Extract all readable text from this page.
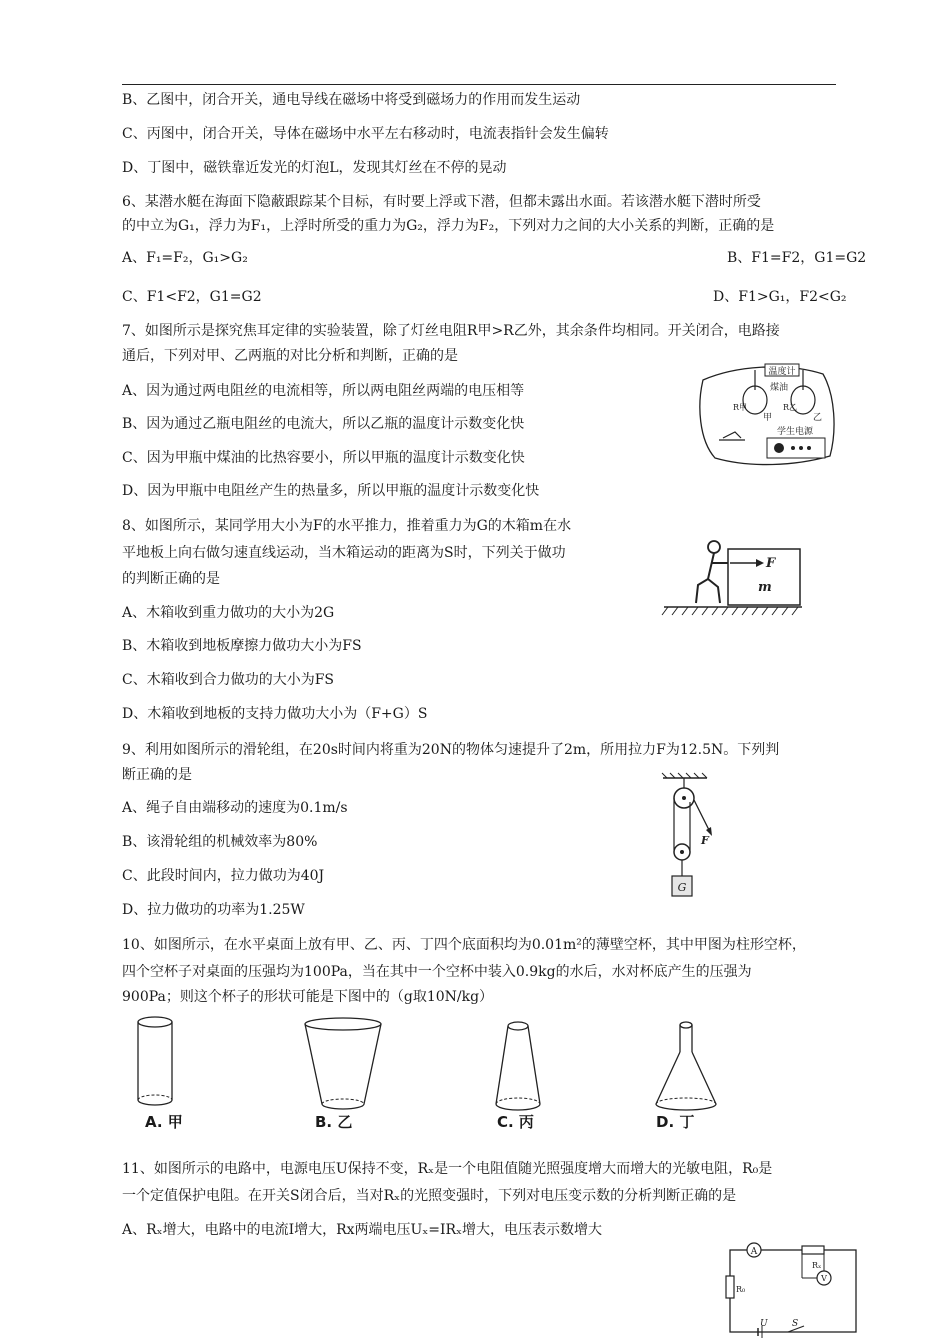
B、乙图中，闭合开关，通电导线在磁场中将受到磁场力的作用而发生运动
C、丙图中，闭合开关，导体在磁场中水平左右移动时，电流表指针会发生偏转
D、丁图中，磁铁靠近发光的灯泡L，发现其灯丝在不停的晃动
6、某潜水艇在海面下隐蔽跟踪某个目标，有时要上浮或下潜，但都未露出水面。若该潜水艇下潜时所受
的中立为G₁，浮力为F₁，上浮时所受的重力为G₂，浮力为F₂，下列对力之间的大小关系的判断，正确的是
A、F₁=F₂，G₁>G₂	B、F1=F2，G1=G2
C、F1<F2，G1=G2	D、F1>G₁，F2<G₂
7、如图所示是探究焦耳定律的实验装置，除了灯丝电阻R甲>R乙外，其余条件均相同。开关闭合，电路接
通后，下列对甲、乙两瓶的对比分析和判断，正确的是
A、因为通过两电阻丝的电流相等，所以两电阻丝两端的电压相等
B、因为通过乙瓶电阻丝的电流大，所以乙瓶的温度计示数变化快
C、因为甲瓶中煤油的比热容要小，所以甲瓶的温度计示数变化快
D、因为甲瓶中电阻丝产生的热量多，所以甲瓶的温度计示数变化快
温度计
煤油
R甲	R乙
甲	乙
学生电源
8、如图所示，某同学用大小为F的水平推力，推着重力为G的木箱m在水
平地板上向右做匀速直线运动，当木箱运动的距离为S时，下列关于做功
的判断正确的是
A、木箱收到重力做功的大小为2G
B、木箱收到地板摩擦力做功大小为FS
C、木箱收到合力做功的大小为FS
D、木箱收到地板的支持力做功大小为（F+G）S
F
m
9、利用如图所示的滑轮组，在20s时间内将重为20N的物体匀速提升了2m，所用拉力F为12.5N。下列判
断正确的是
A、绳子自由端移动的速度为0.1m/s
B、该滑轮组的机械效率为80%
C、此段时间内，拉力做功为40J
D、拉力做功的功率为1.25W
F
G
10、如图所示，在水平桌面上放有甲、乙、丙、丁四个底面积均为0.01m²的薄壁空杯，其中甲图为柱形空杯，
四个空杯子对桌面的压强均为100Pa，当在其中一个空杯中装入0.9kg的水后，水对杯底产生的压强为
900Pa；则这个杯子的形状可能是下图中的（g取10N/kg）
A. 甲	B. 乙	C. 丙	D. 丁
11、如图所示的电路中，电源电压U保持不变，Rₓ是一个电阻值随光照强度增大而增大的光敏电阻，R₀是
一个定值保护电阻。在开关S闭合后，当对Rₓ的光照变强时，下列对电压变示数的分析判断正确的是
A、Rₓ增大，电路中的电流I增大，Rx两端电压Uₓ=IRₓ增大，电压表示数增大
A
Rₓ
V
R₀
U	S
